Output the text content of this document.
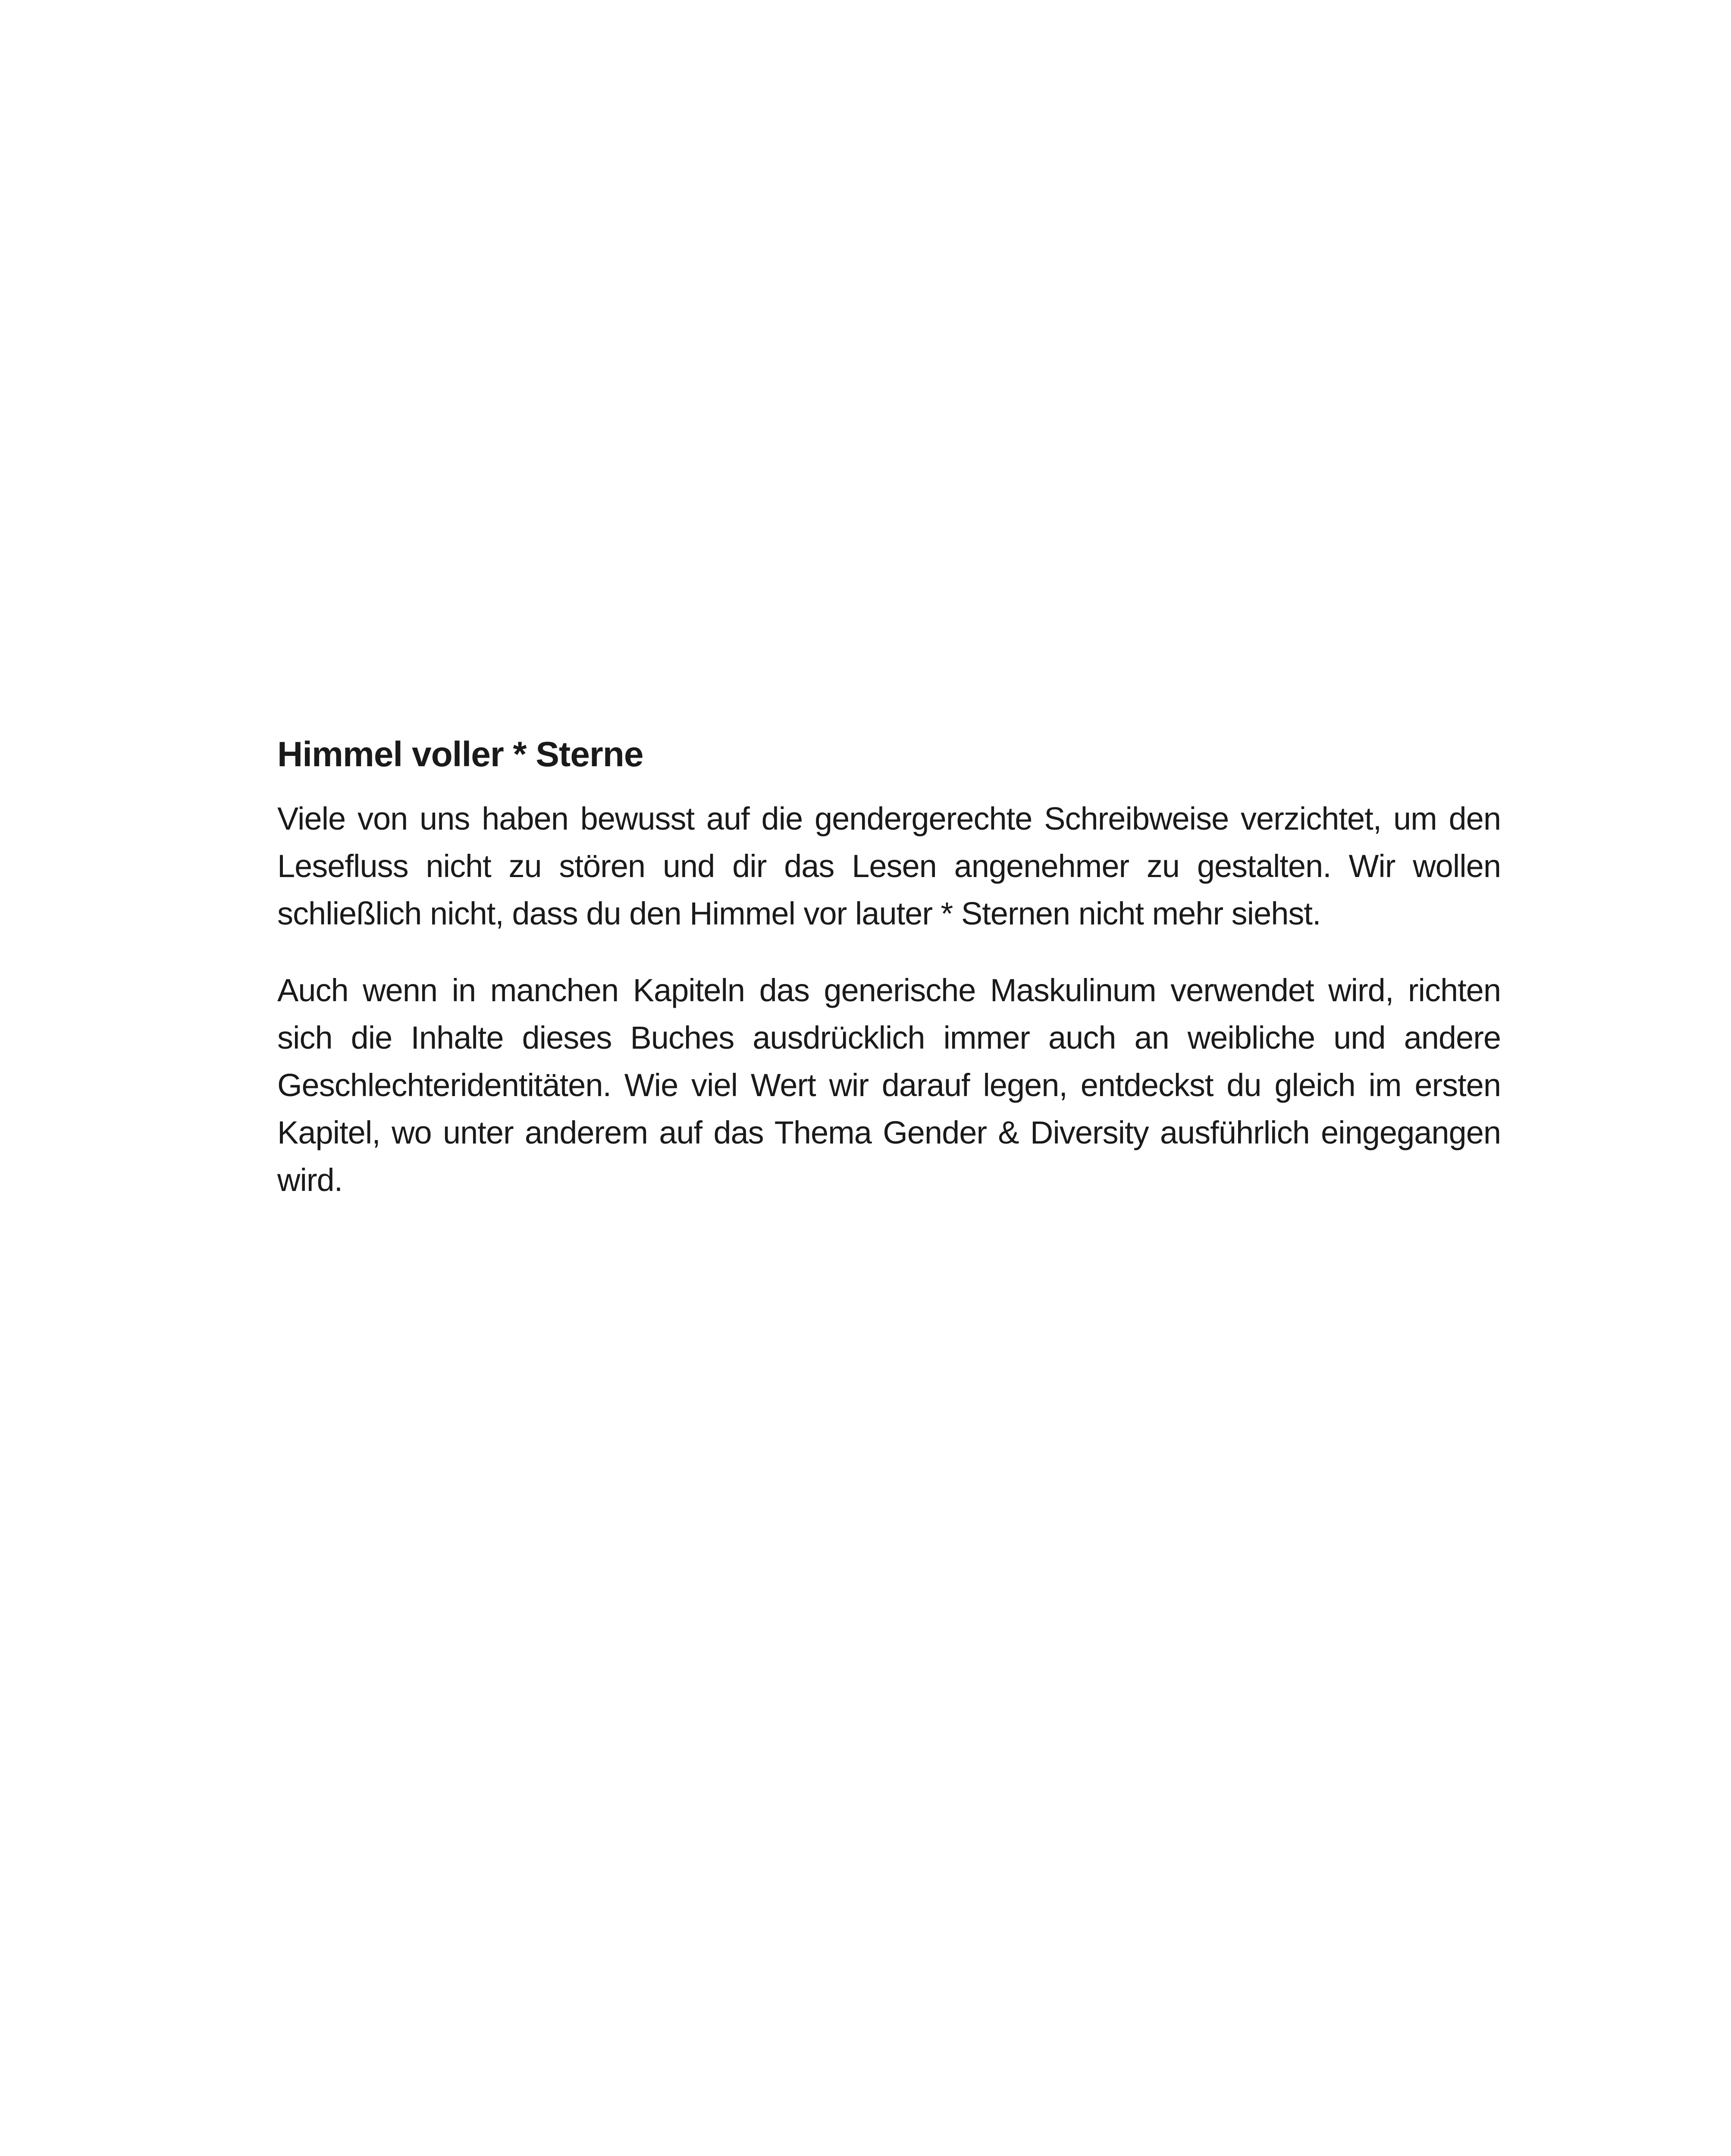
Himmel voller * Sterne

Viele von uns haben bewusst auf die gendergerechte Schreibweise verzichtet, um den Lesefluss nicht zu stören und dir das Lesen angenehmer zu gestalten. Wir wollen schließlich nicht, dass du den Himmel vor lauter * Sternen nicht mehr siehst.

Auch wenn in manchen Kapiteln das generische Maskulinum verwendet wird, richten sich die Inhalte dieses Buches ausdrücklich immer auch an weibliche und andere Geschlechteridentitäten. Wie viel Wert wir darauf legen, entdeckst du gleich im ersten Kapitel, wo unter anderem auf das Thema Gender & Diversity ausführlich eingegangen wird.
